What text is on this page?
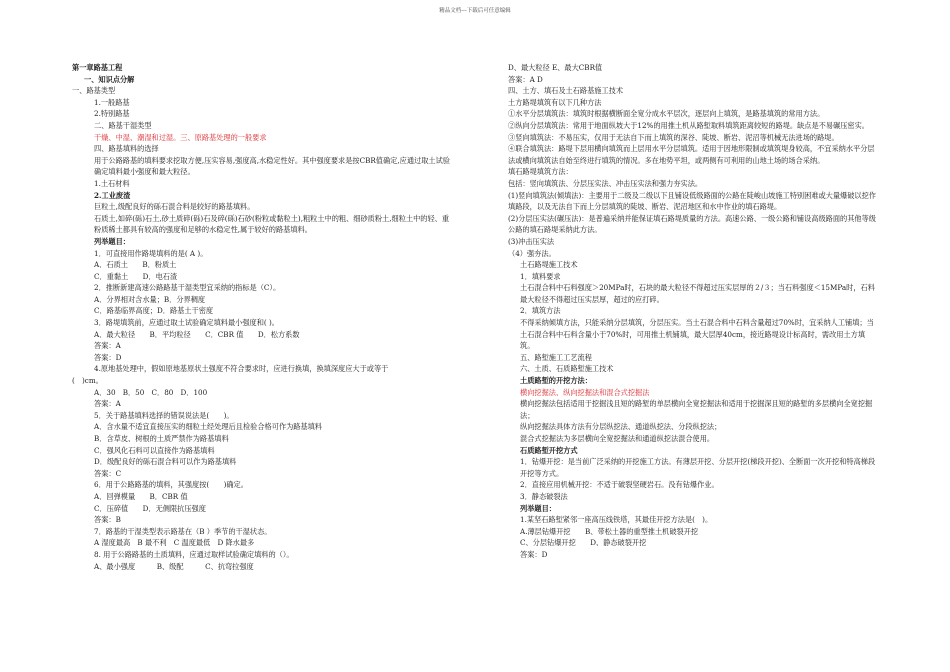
精品文档---下载后可任意编辑
第一章路基工程
一、知识点分解
一、路基类型
1.一般路基
2.特别路基
二、路基干湿类型
干燥、中湿、潮湿和过湿。三、原路基处理的一般要求
四、路基填料的选择
用于公路路基的填料要求挖取方便,压实容易,强度高,水稳定性好。其中强度要求是按CBR值确定,应通过取土试验确定填料最小强度和最大粒径。
1.土石材料
2.工业废渣
巨粒土,级配良好的砾石混合料是较好的路基填料。
石质土,如碎(砾)石土,砂土质碎(砾)石及碎(砾)石砂(粉粒或黏粒土),粗粒土中的粗、细砂质粉土,细粒土中的轻、重粉质稀土都具有较高的强度和足够的水稳定性,属于较好的路基填料。
列举题目：
1．可直接用作路堤填料的是( A )。
A．石质土　　B．粉质土
C．重黏土　　D．电石渣
2．推断新建高速公路路基干湿类型宜采纳的指标是（C）。
A．分界相对含水量；B．分界稠度
C．路基临界高度；D．路基土干密度
3．路堤填筑前，应通过取土试验确定填料最小强度和( )。
A．最大粒径　　B．平均粒径　　C．CBR 值　　D．松方系数
答案：A
答案：D
4.原地基处理中，假如原地基原状土强度不符合要求时，应进行换填，换填深度应大于或等于
(　)cm。
A．30　B．50　C．80　D．100
答案：A
5．关于路基填料选择的错误说法是(　　)。
A．含水量不适宜直接压实的细粒土经处理后且检验合格可作为路基填料
B．含草皮、树根的土质严禁作为路基填料
C．强风化石料可以直接作为路基填料
D．级配良好的砾石混合料可以作为路基填料
答案：C
6．用于公路路基的填料，其强度按(　　)确定。
A．回弹模量　　B．CBR 值
C．压碎值　　D．无侧限抗压强度
答案：B
7．路基的干湿类型表示路基在（B ）季节的干湿状态。
A 湿度最高　B 最不利　C 温度最低　D 降水最多
8. 用于公路路基的土质填料，应通过取样试验确定填料的（）。
A、最小强度　　　B、级配　　　C、抗弯拉强度
D、最大粒径 E、最大CBR值
答案：A D
四、土方、填石及土石路基施工技术
土方路堤填筑有以下几种方法
①水平分层填筑法：填筑时根据横断面全宽分成水平层次，逐层向上填筑，是路基填筑的常用方法。
②纵向分层填筑法：常用于地面纵坡大于12%的用推土机从路堑取料填筑距离较短的路堤。缺点是不易碾压密实。
③竖向填筑法：不易压实，仅用于无法自下而上填筑的深谷、陡坡、断岩、泥沼等机械无法进场的路堤。
④联合填筑法：路堤下层用横向填筑而上层用水平分层填筑。适用于因地形限制或填筑堤身较高，不宜采纳水平分层法或横向填筑法自始至终进行填筑的情况。多在地势平坦，或两侧有可利用的山地土场的场合采纳。
填石路堤填筑方法：
包括：竖向填筑法、分层压实法、冲击压实法和强力夯实法。
(1)竖向填筑法(倾填法)：主要用于二级及二级以下且铺设低级路面的公路在陡峻山坡施工特别困难或大量爆破以挖作填路段，以及无法自下而上分层填筑的陡坡、断岩、泥沼地区和水中作业的填石路堤。
(2)分层压实法(碾压法)：是普遍采纳并能保证填石路堤质量的方法。高速公路、一级公路和铺设高级路面的其他等级公路的填石路堤采纳此方法。
(3)冲击压实法
（4）强夯法。
土石路堤施工技术
1．填料要求
土石混合料中石料强度＞20MPa时，石块的最大粒径不得超过压实层厚的２/３；当石料强度＜15MPa时，石料最大粒径不得超过压实层厚，超过的应打碎。
2．填筑方法
不得采纳倾填方法，只能采纳分层填筑，分层压实。当土石混合料中石料含量超过70%时，宜采纳人工铺填；当土石混合料中石料含量小于70%时，可用推土机铺填，最大层厚40cm，接近路堤设计标高时，需改用土方填筑。
五、路堑施工工艺流程
六、土质、石质路堑施工技术
土质路堑的开挖方法：
横向挖掘法、纵向挖掘法和混合式挖掘法
横向挖掘法包括适用于挖掘浅且短的路堑的单层横向全宽挖掘法和适用于挖掘深且短的路堑的多层横向全宽挖掘法；
纵向挖掘法具体方法有分层纵挖法、通道纵挖法、分段纵挖法；
混合式挖掘法为多层横向全宽挖掘法和通道纵挖法混合使用。
石质路堑开挖方式
1．钻爆开挖：是当前广泛采纳的开挖施工方法。有薄层开挖、分层开挖(梯段开挖)、全断面一次开挖和特高梯段开挖等方式。
2．直接应用机械开挖：不适于破裂坚硬岩石。没有钻爆作业。
3．静态破裂法
列举题目：
1.某坚石路堑紧邻一座高压线铁塔，其最佳开挖方法是(　)。
A.薄层钻爆开挖　　B、带松土器的重型推土机破裂开挖
C、分层钻爆开挖　　D、静态破裂开挖
答案：D
